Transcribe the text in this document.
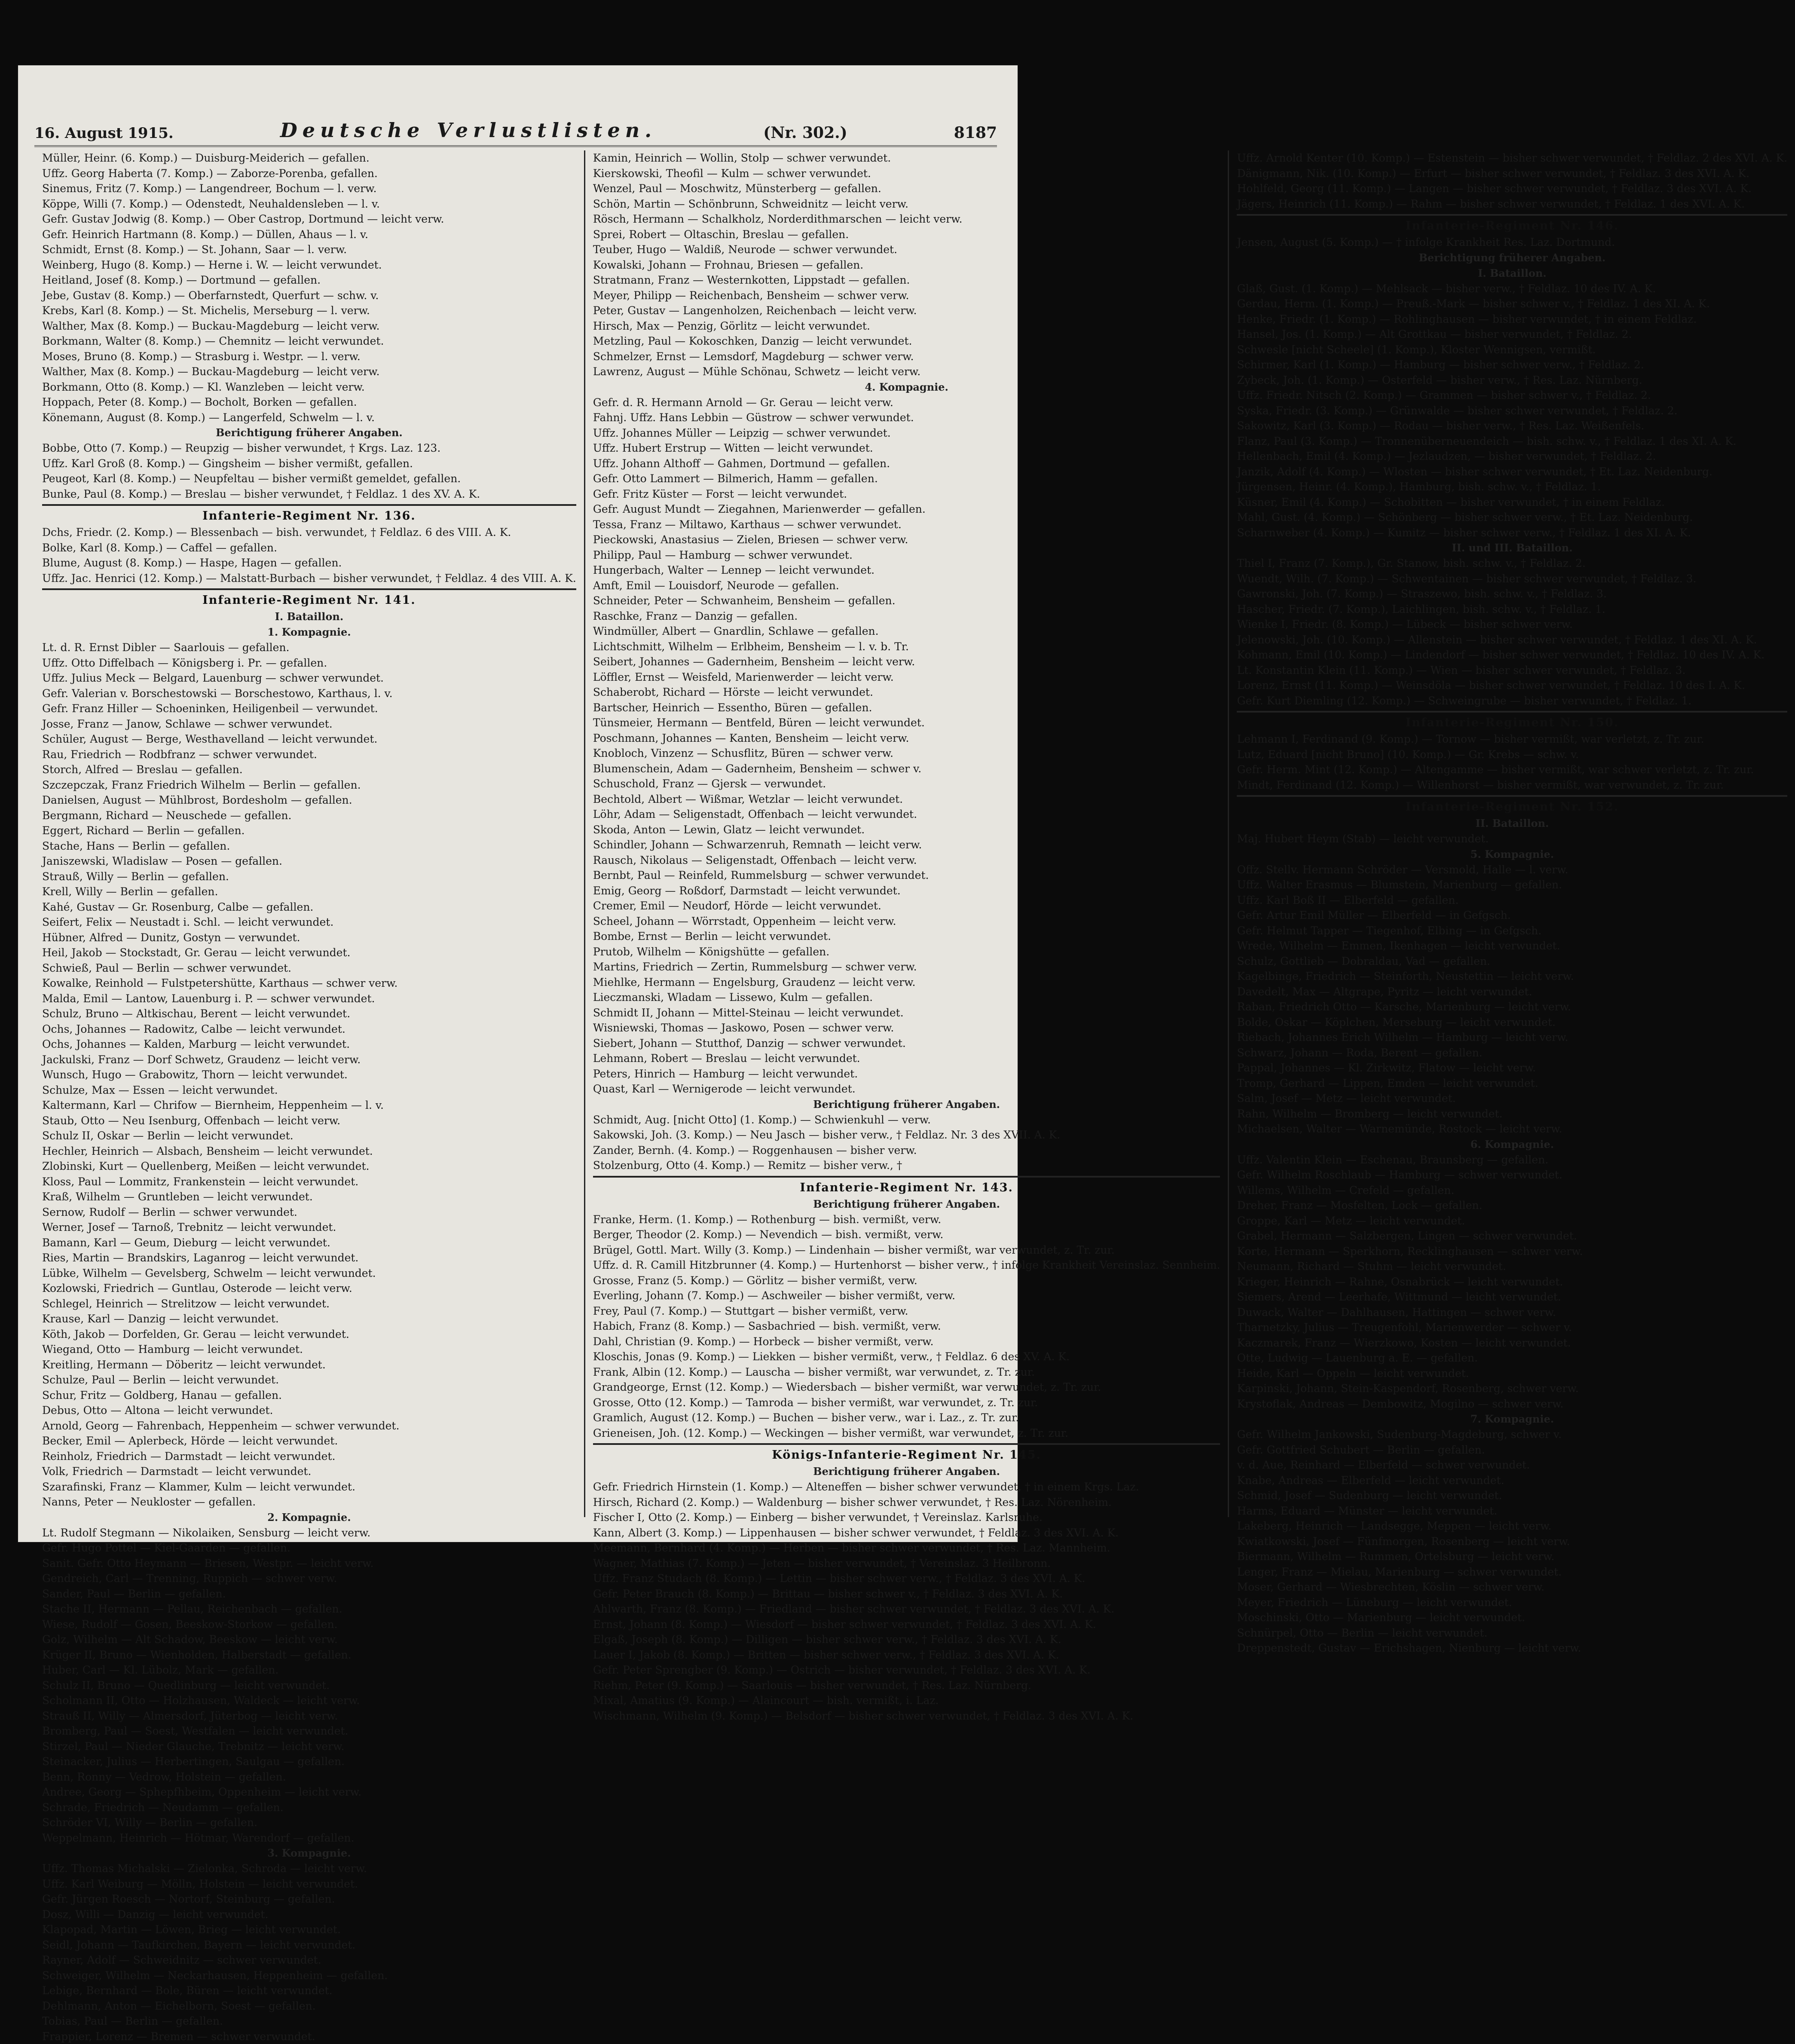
16. August 1915.	Deutsche Verlustlisten.	(Nr. 302.)	8187
Müller, Heinr. (6. Komp.) — Duisburg-Meiderich — gefallen.
Uffz. Georg Haberta (7. Komp.) — Zaborze-Porenba, gefallen.
Sinemus, Fritz (7. Komp.) — Langendreer, Bochum — l. verw.
Köppe, Willi (7. Komp.) — Odenstedt, Neuhaldensleben — l. v.
Gefr. Gustav Jodwig (8. Komp.) — Ober Castrop, Dortmund — leicht verw.
Gefr. Heinrich Hartmann (8. Komp.) — Düllen, Ahaus — l. v.
Schmidt, Ernst (8. Komp.) — St. Johann, Saar — l. verw.
Weinberg, Hugo (8. Komp.) — Herne i. W. — leicht verwundet.
Heitland, Josef (8. Komp.) — Dortmund — gefallen.
Jebe, Gustav (8. Komp.) — Oberfarnstedt, Querfurt — schw. v.
Krebs, Karl (8. Komp.) — St. Michelis, Merseburg — l. verw.
Walther, Max (8. Komp.) — Buckau-Magdeburg — leicht verw.
Borkmann, Walter (8. Komp.) — Chemnitz — leicht verwundet.
Moses, Bruno (8. Komp.) — Strasburg i. Westpr. — l. verw.
Walther, Max (8. Komp.) — Buckau-Magdeburg — leicht verw.
Borkmann, Otto (8. Komp.) — Kl. Wanzleben — leicht verw.
Hoppach, Peter (8. Komp.) — Bocholt, Borken — gefallen.
Könemann, August (8. Komp.) — Langerfeld, Schwelm — l. v.
Berichtigung früherer Angaben.
Bobbe, Otto (7. Komp.) — Reupzig — bisher verwundet, † Krgs. Laz. 123.
Uffz. Karl Groß (8. Komp.) — Gingsheim — bisher vermißt, gefallen.
Peugeot, Karl (8. Komp.) — Neupfeltau — bisher vermißt gemeldet, gefallen.
Bunke, Paul (8. Komp.) — Breslau — bisher verwundet, † Feldlaz. 1 des XV. A. K.
Infanterie-Regiment Nr. 136.
Dchs, Friedr. (2. Komp.) — Blessenbach — bish. verwundet, † Feldlaz. 6 des VIII. A. K.
Bolke, Karl (8. Komp.) — Caffel — gefallen.
Blume, August (8. Komp.) — Haspe, Hagen — gefallen.
Uffz. Jac. Henrici (12. Komp.) — Malstatt-Burbach — bisher verwundet, † Feldlaz. 4 des VIII. A. K.
Infanterie-Regiment Nr. 141.
I. Bataillon.
1. Kompagnie.
Lt. d. R. Ernst Dibler — Saarlouis — gefallen.
Uffz. Otto Diffelbach — Königsberg i. Pr. — gefallen.
Uffz. Julius Meck — Belgard, Lauenburg — schwer verwundet.
Gefr. Valerian v. Borschestowski — Borschestowo, Karthaus, l. v.
Gefr. Franz Hiller — Schoeninken, Heiligenbeil — verwundet.
Josse, Franz — Janow, Schlawe — schwer verwundet.
Schüler, August — Berge, Westhavelland — leicht verwundet.
Rau, Friedrich — Rodbfranz — schwer verwundet.
Storch, Alfred — Breslau — gefallen.
Szczepczak, Franz Friedrich Wilhelm — Berlin — gefallen.
Danielsen, August — Mühlbrost, Bordesholm — gefallen.
Bergmann, Richard — Neuschede — gefallen.
Eggert, Richard — Berlin — gefallen.
Stache, Hans — Berlin — gefallen.
Janiszewski, Wladislaw — Posen — gefallen.
Strauß, Willy — Berlin — gefallen.
Krell, Willy — Berlin — gefallen.
Kahé, Gustav — Gr. Rosenburg, Calbe — gefallen.
Seifert, Felix — Neustadt i. Schl. — leicht verwundet.
Hübner, Alfred — Dunitz, Gostyn — verwundet.
Heil, Jakob — Stockstadt, Gr. Gerau — leicht verwundet.
Schwieß, Paul — Berlin — schwer verwundet.
Kowalke, Reinhold — Fulstpetershütte, Karthaus — schwer verw.
Malda, Emil — Lantow, Lauenburg i. P. — schwer verwundet.
Schulz, Bruno — Altkischau, Berent — leicht verwundet.
Ochs, Johannes — Radowitz, Calbe — leicht verwundet.
Ochs, Johannes — Kalden, Marburg — leicht verwundet.
Jackulski, Franz — Dorf Schwetz, Graudenz — leicht verw.
Wunsch, Hugo — Grabowitz, Thorn — leicht verwundet.
Schulze, Max — Essen — leicht verwundet.
Kaltermann, Karl — Chrifow — Biernheim, Heppenheim — l. v.
Staub, Otto — Neu Isenburg, Offenbach — leicht verw.
Schulz II, Oskar — Berlin — leicht verwundet.
Hechler, Heinrich — Alsbach, Bensheim — leicht verwundet.
Zlobinski, Kurt — Quellenberg, Meißen — leicht verwundet.
Kloss, Paul — Lommitz, Frankenstein — leicht verwundet.
Kraß, Wilhelm — Gruntleben — leicht verwundet.
Sernow, Rudolf — Berlin — schwer verwundet.
Werner, Josef — Tarnoß, Trebnitz — leicht verwundet.
Bamann, Karl — Geum, Dieburg — leicht verwundet.
Ries, Martin — Brandskirs, Laganrog — leicht verwundet.
Lübke, Wilhelm — Gevelsberg, Schwelm — leicht verwundet.
Kozlowski, Friedrich — Guntlau, Osterode — leicht verw.
Schlegel, Heinrich — Strelitzow — leicht verwundet.
Krause, Karl — Danzig — leicht verwundet.
Köth, Jakob — Dorfelden, Gr. Gerau — leicht verwundet.
Wiegand, Otto — Hamburg — leicht verwundet.
Kreitling, Hermann — Döberitz — leicht verwundet.
Schulze, Paul — Berlin — leicht verwundet.
Schur, Fritz — Goldberg, Hanau — gefallen.
Debus, Otto — Altona — leicht verwundet.
Arnold, Georg — Fahrenbach, Heppenheim — schwer verwundet.
Becker, Emil — Aplerbeck, Hörde — leicht verwundet.
Reinholz, Friedrich — Darmstadt — leicht verwundet.
Volk, Friedrich — Darmstadt — leicht verwundet.
Szarafinski, Franz — Klammer, Kulm — leicht verwundet.
Nanns, Peter — Neukloster — gefallen.
2. Kompagnie.
Lt. Rudolf Stegmann — Nikolaiken, Sensburg — leicht verw.
Gefr. Hugo Pottel — Kiel-Gaarden — gefallen.
Sanit. Gefr. Otto Heymann — Briesen, Westpr. — leicht verw.
Gendreich, Carl — Trenning, Ruppich — schwer verw.
Sander, Paul — Berlin — gefallen.
Stache II, Hermann — Pellau, Reichenbach — gefallen.
Wiese, Rudolf — Gosen, Beeskow-Storkow — gefallen.
Golz, Wilhelm — Alt Schadow, Beeskow — leicht verw.
Krüger II, Bruno — Wienholden, Halberstadt — gefallen.
Huber, Carl — Kl. Lübolz, Mark — gefallen.
Schulz II, Bruno — Quedlinburg — leicht verwundet.
Scholmann II, Otto — Holzhausen, Waldeck — leicht verw.
Strauß II, Willy — Almersdorf, Jüterbog — leicht verw.
Bromberg, Paul — Soest, Westfalen — leicht verwundet.
Stirzel, Paul — Nieder Glauche, Trebnitz — leicht verw.
Steinacker, Julius — Herbertingen, Saulgau — gefallen.
Benn, Ronny — Vedrow, Holstein — gefallen.
Andree, Georg — Sphepfhbeim, Oppenheim — leicht verw.
Schrade, Friedrich — Neudamm — gefallen.
Schröder VI, Willy — Berlin — gefallen.
Weppelmann, Heinrich — Hötmar, Warendorf — gefallen.
3. Kompagnie.
Uffz. Thomas Michalski — Zielonka, Schroda — leicht verw.
Uffz. Karl Weiburg — Mölln, Holstein — leicht verwundet.
Gefr. Jürgen Roesch — Nortorf, Steinburg — gefallen.
Dosz, Willi — Danzig — leicht verwundet.
Klapopad, Martin — Löwen, Brieg — leicht verwundet.
Seidl, Johann — Taufkirchen, Bayern — leicht verwundet.
Rayner, Adolf — Schweidnitz — schwer verwundet.
Schweiger, Wilhelm — Neckarhausen, Heppenheim — gefallen.
Lebige, Bernhard — Bole, Büren — leicht verwundet.
Dehlmann, Anton — Eichelborn, Soest — gefallen.
Tobias, Paul — Berlin — gefallen.
Frappier, Lorenz — Bremen — schwer verwundet.
Kamin, Heinrich — Wollin, Stolp — schwer verwundet.
Kierskowski, Theofil — Kulm — schwer verwundet.
Wenzel, Paul — Moschwitz, Münsterberg — gefallen.
Schön, Martin — Schönbrunn, Schweidnitz — leicht verw.
Rösch, Hermann — Schalkholz, Norderdithmarschen — leicht verw.
Sprei, Robert — Oltaschin, Breslau — gefallen.
Teuber, Hugo — Waldiß, Neurode — schwer verwundet.
Kowalski, Johann — Frohnau, Briesen — gefallen.
Stratmann, Franz — Westernkotten, Lippstadt — gefallen.
Meyer, Philipp — Reichenbach, Bensheim — schwer verw.
Peter, Gustav — Langenholzen, Reichenbach — leicht verw.
Hirsch, Max — Penzig, Görlitz — leicht verwundet.
Metzling, Paul — Kokoschken, Danzig — leicht verwundet.
Schmelzer, Ernst — Lemsdorf, Magdeburg — schwer verw.
Lawrenz, August — Mühle Schönau, Schwetz — leicht verw.
4. Kompagnie.
Gefr. d. R. Hermann Arnold — Gr. Gerau — leicht verw.
Fahnj. Uffz. Hans Lebbin — Güstrow — schwer verwundet.
Uffz. Johannes Müller — Leipzig — schwer verwundet.
Uffz. Hubert Erstrup — Witten — leicht verwundet.
Uffz. Johann Althoff — Gahmen, Dortmund — gefallen.
Gefr. Otto Lammert — Bilmerich, Hamm — gefallen.
Gefr. Fritz Küster — Forst — leicht verwundet.
Gefr. August Mundt — Ziegahnen, Marienwerder — gefallen.
Tessa, Franz — Miltawo, Karthaus — schwer verwundet.
Pieckowski, Anastasius — Zielen, Briesen — schwer verw.
Philipp, Paul — Hamburg — schwer verwundet.
Hungerbach, Walter — Lennep — leicht verwundet.
Amft, Emil — Louisdorf, Neurode — gefallen.
Schneider, Peter — Schwanheim, Bensheim — gefallen.
Raschke, Franz — Danzig — gefallen.
Windmüller, Albert — Gnardlin, Schlawe — gefallen.
Lichtschmitt, Wilhelm — Erlbheim, Bensheim — l. v. b. Tr.
Seibert, Johannes — Gadernheim, Bensheim — leicht verw.
Löffler, Ernst — Weisfeld, Marienwerder — leicht verw.
Schaberobt, Richard — Hörste — leicht verwundet.
Bartscher, Heinrich — Essentho, Büren — gefallen.
Tünsmeier, Hermann — Bentfeld, Büren — leicht verwundet.
Poschmann, Johannes — Kanten, Bensheim — leicht verw.
Knobloch, Vinzenz — Schusflitz, Büren — schwer verw.
Blumenschein, Adam — Gadernheim, Bensheim — schwer v.
Schuschold, Franz — Gjersk — verwundet.
Bechtold, Albert — Wißmar, Wetzlar — leicht verwundet.
Löhr, Adam — Seligenstadt, Offenbach — leicht verwundet.
Skoda, Anton — Lewin, Glatz — leicht verwundet.
Schindler, Johann — Schwarzenruh, Remnath — leicht verw.
Rausch, Nikolaus — Seligenstadt, Offenbach — leicht verw.
Bernbt, Paul — Reinfeld, Rummelsburg — schwer verwundet.
Emig, Georg — Roßdorf, Darmstadt — leicht verwundet.
Cremer, Emil — Neudorf, Hörde — leicht verwundet.
Scheel, Johann — Wörrstadt, Oppenheim — leicht verw.
Bombe, Ernst — Berlin — leicht verwundet.
Prutob, Wilhelm — Königshütte — gefallen.
Martins, Friedrich — Zertin, Rummelsburg — schwer verw.
Miehlke, Hermann — Engelsburg, Graudenz — leicht verw.
Lieczmanski, Wladam — Lissewo, Kulm — gefallen.
Schmidt II, Johann — Mittel-Steinau — leicht verwundet.
Wisniewski, Thomas — Jaskowo, Posen — schwer verw.
Siebert, Johann — Stutthof, Danzig — schwer verwundet.
Lehmann, Robert — Breslau — leicht verwundet.
Peters, Hinrich — Hamburg — leicht verwundet.
Quast, Karl — Wernigerode — leicht verwundet.
Berichtigung früherer Angaben.
Schmidt, Aug. [nicht Otto] (1. Komp.) — Schwienkuhl — verw.
Sakowski, Joh. (3. Komp.) — Neu Jasch — bisher verw., † Feldlaz. Nr. 3 des XVII. A. K.
Zander, Bernh. (4. Komp.) — Roggenhausen — bisher verw.
Stolzenburg, Otto (4. Komp.) — Remitz — bisher verw., †
Infanterie-Regiment Nr. 143.
Berichtigung früherer Angaben.
Franke, Herm. (1. Komp.) — Rothenburg — bish. vermißt, verw.
Berger, Theodor (2. Komp.) — Nevendich — bish. vermißt, verw.
Brügel, Gottl. Mart. Willy (3. Komp.) — Lindenhain — bisher vermißt, war verwundet, z. Tr. zur.
Uffz. d. R. Camill Hitzbrunner (4. Komp.) — Hurtenhorst — bisher verw., † infolge Krankheit Vereinslaz. Sennheim.
Grosse, Franz (5. Komp.) — Görlitz — bisher vermißt, verw.
Everling, Johann (7. Komp.) — Aschweiler — bisher vermißt, verw.
Frey, Paul (7. Komp.) — Stuttgart — bisher vermißt, verw.
Habich, Franz (8. Komp.) — Sasbachried — bish. vermißt, verw.
Dahl, Christian (9. Komp.) — Horbeck — bisher vermißt, verw.
Kloschis, Jonas (9. Komp.) — Liekken — bisher vermißt, verw., † Feldlaz. 6 des XV. A. K.
Frank, Albin (12. Komp.) — Lauscha — bisher vermißt, war verwundet, z. Tr. zur.
Grandgeorge, Ernst (12. Komp.) — Wiedersbach — bisher vermißt, war verwundet, z. Tr. zur.
Grosse, Otto (12. Komp.) — Tamroda — bisher vermißt, war verwundet, z. Tr. zur.
Gramlich, August (12. Komp.) — Buchen — bisher verw., war i. Laz., z. Tr. zur.
Grieneisen, Joh. (12. Komp.) — Weckingen — bisher vermißt, war verwundet, z. Tr. zur.
Königs-Infanterie-Regiment Nr. 145.
Berichtigung früherer Angaben.
Gefr. Friedrich Hirnstein (1. Komp.) — Alteneffen — bisher schwer verwundet, † in einem Krgs. Laz.
Hirsch, Richard (2. Komp.) — Waldenburg — bisher schwer verwundet, † Res. Laz. Nörenheim.
Fischer I, Otto (2. Komp.) — Einberg — bisher verwundet, † Vereinslaz. Karlsruhe.
Kann, Albert (3. Komp.) — Lippenhausen — bisher schwer verwundet, † Feldlaz. 3 des XVI. A. K.
Meemann, Bernhard (4. Komp.) — Herben — bisher schwer verwundet, † Res. Laz. Mannheim.
Wagner, Mathias (7. Komp.) — Jeten — bisher verwundet, † Vereinslaz. 3 Heilbronn.
Uffz. Franz Studach (8. Komp.) — Lettin — bisher schwer verw., † Feldlaz. 3 des XVI. A. K.
Gefr. Peter Brauch (8. Komp.) — Brittau — bisher schwer v., † Feldlaz. 3 des XVI. A. K.
Ahlwarth, Franz (8. Komp.) — Friedland — bisher schwer verwundet, † Feldlaz. 3 des XVI. A. K.
Ernst, Johann (8. Komp.) — Wiesdorf — bisher schwer verwundet, † Feldlaz. 3 des XVI. A. K.
Elgaß, Joseph (8. Komp.) — Dilligen — bisher schwer verw., † Feldlaz. 3 des XVI. A. K.
Lauer I, Jakob (8. Komp.) — Britten — bisher schwer verw., † Feldlaz. 3 des XVI. A. K.
Gefr. Peter Sprengber (9. Komp.) — Ostrich — bisher verwundet, † Feldlaz. 3 des XVI. A. K.
Riehm, Peter (9. Komp.) — Saarlouis — bisher verwundet, † Res. Laz. Nürnberg.
Mixal, Amatius (9. Komp.) — Alaincourt — bish. vermißt, i. Laz.
Wischmann, Wilhelm (9. Komp.) — Belsdorf — bisher schwer verwundet, † Feldlaz. 3 des XVI. A. K.
Uffz. Arnold Kenter (10. Komp.) — Estenstein — bisher schwer verwundet, † Feldlaz. 2 des XVI. A. K.
Dänigmann, Nik. (10. Komp.) — Erfurt — bisher schwer verwundet, † Feldlaz. 3 des XVI. A. K.
Hohlfeld, Georg (11. Komp.) — Langen — bisher schwer verwundet, † Feldlaz. 3 des XVI. A. K.
Jägers, Heinrich (11. Komp.) — Rahm — bisher schwer verwundet, † Feldlaz. 1 des XVI. A. K.
Infanterie-Regiment Nr. 146.
Jensen, August (5. Komp.) — † infolge Krankheit Res. Laz. Dortmund.
Berichtigung früherer Angaben.
I. Bataillon.
Glaß, Gust. (1. Komp.) — Mehlsack — bisher verw., † Feldlaz. 10 des IV. A. K.
Gerdau, Herm. (1. Komp.) — Preuß.-Mark — bisher schwer v., † Feldlaz. 1 des XI. A. K.
Henke, Friedr. (1. Komp.) — Rohlinghausen — bisher verwundet, † in einem Feldlaz.
Hansel, Jos. (1. Komp.) — Alt Grottkau — bisher verwundet, † Feldlaz. 2.
Schwesle [nicht Scheele] (1. Komp.), Kloster Wennigsen, vermißt.
Schirmer, Karl (1. Komp.) — Hamburg — bisher schwer verw., † Feldlaz. 2.
Zybeck, Joh. (1. Komp.) — Osterfeld — bisher verw., † Res. Laz. Nürnberg.
Uffz. Friedr. Nitsch (2. Komp.) — Grammen — bisher schwer v., † Feldlaz. 2.
Syska, Friedr. (3. Komp.) — Grünwalde — bisher schwer verwundet, † Feldlaz. 2.
Sakowitz, Karl (3. Komp.) — Rodau — bisher verw., † Res. Laz. Weißenfels.
Flanz, Paul (3. Komp.) — Tronnenüberneuendeich — bish. schw. v., † Feldlaz. 1 des XI. A. K.
Hellenbach, Emil (4. Komp.) — Jezlaudzen, — bisher verwundet, † Feldlaz. 2.
Janzik, Adolf (4. Komp.) — Wlosten — bisher schwer verwundet, † Et. Laz. Neidenburg.
Jürgensen, Heinr. (4. Komp.), Hamburg, bish. schw. v., † Feldlaz. 1.
Küsner, Emil (4. Komp.) — Schobitten — bisher verwundet, † in einem Feldlaz.
Mahl, Gust. (4. Komp.) — Schönberg — bisher schwer verw., † Et. Laz. Neidenburg.
Scharnweber (4. Komp.) — Kumitz — bisher schwer verw., † Feldlaz. 1 des XI. A. K.
II. und III. Bataillon.
Thiel I, Franz (7. Komp.), Gr. Stanow, bish. schw. v., † Feldlaz. 2.
Wuendt, Wilh. (7. Komp.) — Schwentainen — bisher schwer verwundet, † Feldlaz. 3.
Gawronski, Joh. (7. Komp.) — Straszewo, bish. schw. v., † Feldlaz. 3.
Hascher, Friedr. (7. Komp.), Laichlingen, bish. schw. v., † Feldlaz. 1.
Wienke I, Friedr. (8. Komp.) — Lübeck — bisher schwer verw.
Jelenowski, Joh. (10. Komp.) — Allenstein — bisher schwer verwundet, † Feldlaz. 1 des XI. A. K.
Kohmann, Emil (10. Komp.) — Lindendorf — bisher schwer verwundet, † Feldlaz. 10 des IV. A. K.
Lt. Konstantin Klein (11. Komp.) — Wien — bisher schwer verwundet, † Feldlaz. 3.
Lorenz, Ernst (11. Komp.) — Weinsdöla — bisher schwer verwundet, † Feldlaz. 10 des I. A. K.
Gefr. Kurt Diemling (12. Komp.) — Schweingrube — bisher verwundet, † Feldlaz. 1.
Infanterie-Regiment Nr. 150.
Lehmann I, Ferdinand (9. Komp.) — Tornow — bisher vermißt, war verletzt, z. Tr. zur.
Lutz, Eduard [nicht Bruno] (10. Komp.) — Gr. Krebs — schw. v.
Gefr. Herm. Mint (12. Komp.) — Altengamme — bisher vermißt, war schwer verletzt, z. Tr. zur.
Mindt, Ferdinand (12. Komp.) — Willenhorst — bisher vermißt, war verwundet, z. Tr. zur.
Infanterie-Regiment Nr. 152.
II. Bataillon.
Maj. Hubert Heym (Stab) — leicht verwundet.
5. Kompagnie.
Offz. Stellv. Hermann Schröder — Versmold, Halle — l. verw.
Uffz. Walter Erasmus — Blumstein, Marienburg — gefallen.
Uffz. Karl Boß II — Elberfeld — gefallen.
Gefr. Artur Emil Müller — Elberfeld — in Gefgsch.
Gefr. Helmut Tapper — Tiegenhof, Elbing — in Gefgsch.
Wrede, Wilhelm — Emmen, Ikenhagen — leicht verwundet.
Schulz, Gottlieb — Dobraldau, Vad — gefallen.
Kagelbinge, Friedrich — Steinforth, Neustettin — leicht verw.
Davedelt, Max — Altgrape, Pyritz — leicht verwundet.
Raban, Friedrich Otto — Karsche, Marienburg — leicht verw.
Bolde, Oskar — Köplchen, Merseburg — leicht verwundet.
Riebach, Johannes Erich Wilhelm — Hamburg — leicht verw.
Schwarz, Johann — Roda, Berent — gefallen.
Pappal, Johannes — Kl. Zirkwitz, Flatow — leicht verw.
Tromp, Gerhard — Lippen, Emden — leicht verwundet.
Salm, Josef — Metz — leicht verwundet.
Rahn, Wilhelm — Bromberg — leicht verwundet.
Michaelsen, Walter — Warnemünde, Rostock — leicht verw.
6. Kompagnie.
Uffz. Valentin Klein — Eschenau, Braunsberg — gefallen.
Gefr. Wilhelm Roschlaub — Hamburg — schwer verwundet.
Willems, Wilhelm — Crefeld — gefallen.
Dreher, Franz — Mosfelten, Lock — gefallen.
Groppe, Karl — Metz — leicht verwundet.
Grabel, Hermann — Salzbergen, Lingen — schwer verwundet.
Korte, Hermann — Sperkhorn, Recklinghausen — schwer verw.
Neumann, Richard — Stuhm — leicht verwundet.
Krieger, Heinrich — Rahne, Osnabrück — leicht verwundet.
Siemers, Arend — Leerhafe, Wittmund — leicht verwundet.
Duwack, Walter — Dahlhausen, Hattingen — schwer verw.
Tharnetzky, Julius — Treugenfohl, Marienwerder — schwer v.
Kaczmarek, Franz — Wierzkowo, Kosten — leicht verwundet.
Otte, Ludwig — Lauenburg a. E. — gefallen.
Heide, Karl — Oppeln — leicht verwundet.
Karpinski, Johann, Stein-Kaspendorf, Rosenberg, schwer verw.
Krystoflak, Andreas — Dembowitz, Mogilno — schwer verw.
7. Kompagnie.
Gefr. Wilhelm Jankowski, Sudenburg-Magdeburg, schwer v.
Gefr. Gottfried Schubert — Berlin — gefallen.
v. d. Aue, Reinhard — Elberfeld — schwer verwundet.
Knabe, Andreas — Elberfeld — leicht verwundet.
Schmid, Josef — Sudenburg — leicht verwundet.
Harms, Eduard — Münster — leicht verwundet.
Lakeberg, Heinrich — Landsegge, Meppen — leicht verw.
Kwiatkowski, Josef — Fünfmorgen, Rosenberg — leicht verw.
Biermann, Wilhelm — Rummen, Ortelsburg — leicht verw.
Lenger, Franz — Mielau, Marienburg — schwer verwundet.
Moser, Gerhard — Wiesbrechten, Köslin — schwer verw.
Meyer, Friedrich — Lüneburg — leicht verwundet.
Moschinski, Otto — Marienburg — leicht verwundet.
Schnürpel, Otto — Berlin — leicht verwundet.
Dreppenstedt, Gustav — Erichshagen, Nienburg — leicht verw.
